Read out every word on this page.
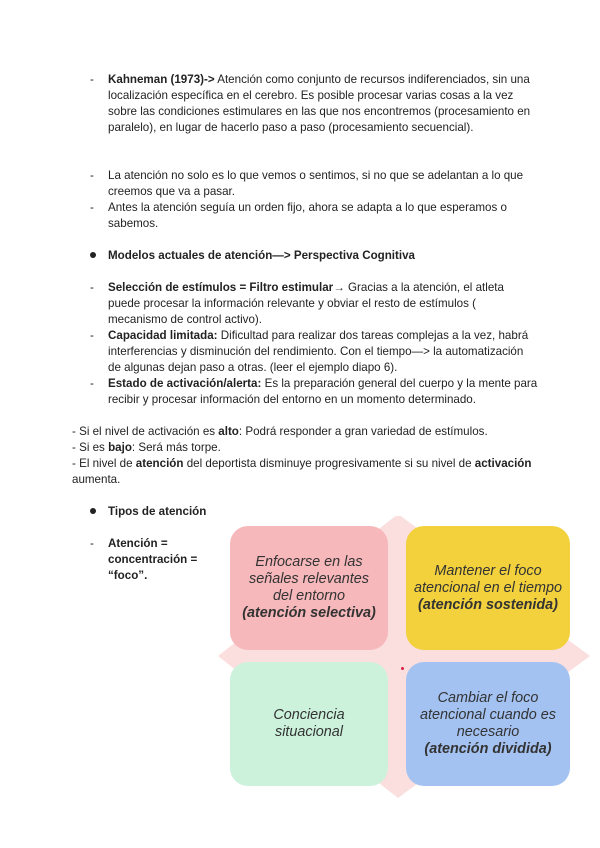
-	Kahneman (1973)-> Atención como conjunto de recursos indiferenciados, sin una localización específica en el cerebro. Es posible procesar varias cosas a la vez sobre las condiciones estimulares en las que nos encontremos (procesamiento en paralelo), en lugar de hacerlo paso a paso (procesamiento secuencial).
-	La atención no solo es lo que vemos o sentimos, si no que se adelantan a lo que creemos que va a pasar.
-	Antes la atención seguía un orden fijo, ahora se adapta a lo que esperamos o sabemos.
Modelos actuales de atención—> Perspectiva Cognitiva
-	Selección de estímulos = Filtro estimular→ Gracias a la atención, el atleta puede procesar la información relevante y obviar el resto de estímulos ( mecanismo de control activo).
-	Capacidad limitada: Dificultad para realizar dos tareas complejas a la vez, habrá interferencias y disminución del rendimiento. Con el tiempo—> la automatización de algunas dejan paso a otras. (leer el ejemplo diapo 6).
-	Estado de activación/alerta: Es la preparación general del cuerpo y la mente para recibir y procesar información del entorno en un momento determinado.
- Si el nivel de activación es alto: Podrá responder a gran variedad de estímulos.
- Si es bajo: Será más torpe.
- El nivel de atención del deportista disminuye progresivamente si su nivel de activación aumenta.
Tipos de atención
-	Atención = concentración = “foco”.
Enfocarse en las señales relevantes del entorno
(atención selectiva)
Mantener el foco atencional en el tiempo
(atención sostenida)
Conciencia situacional
Cambiar el foco atencional cuando es necesario
(atención dividida)
